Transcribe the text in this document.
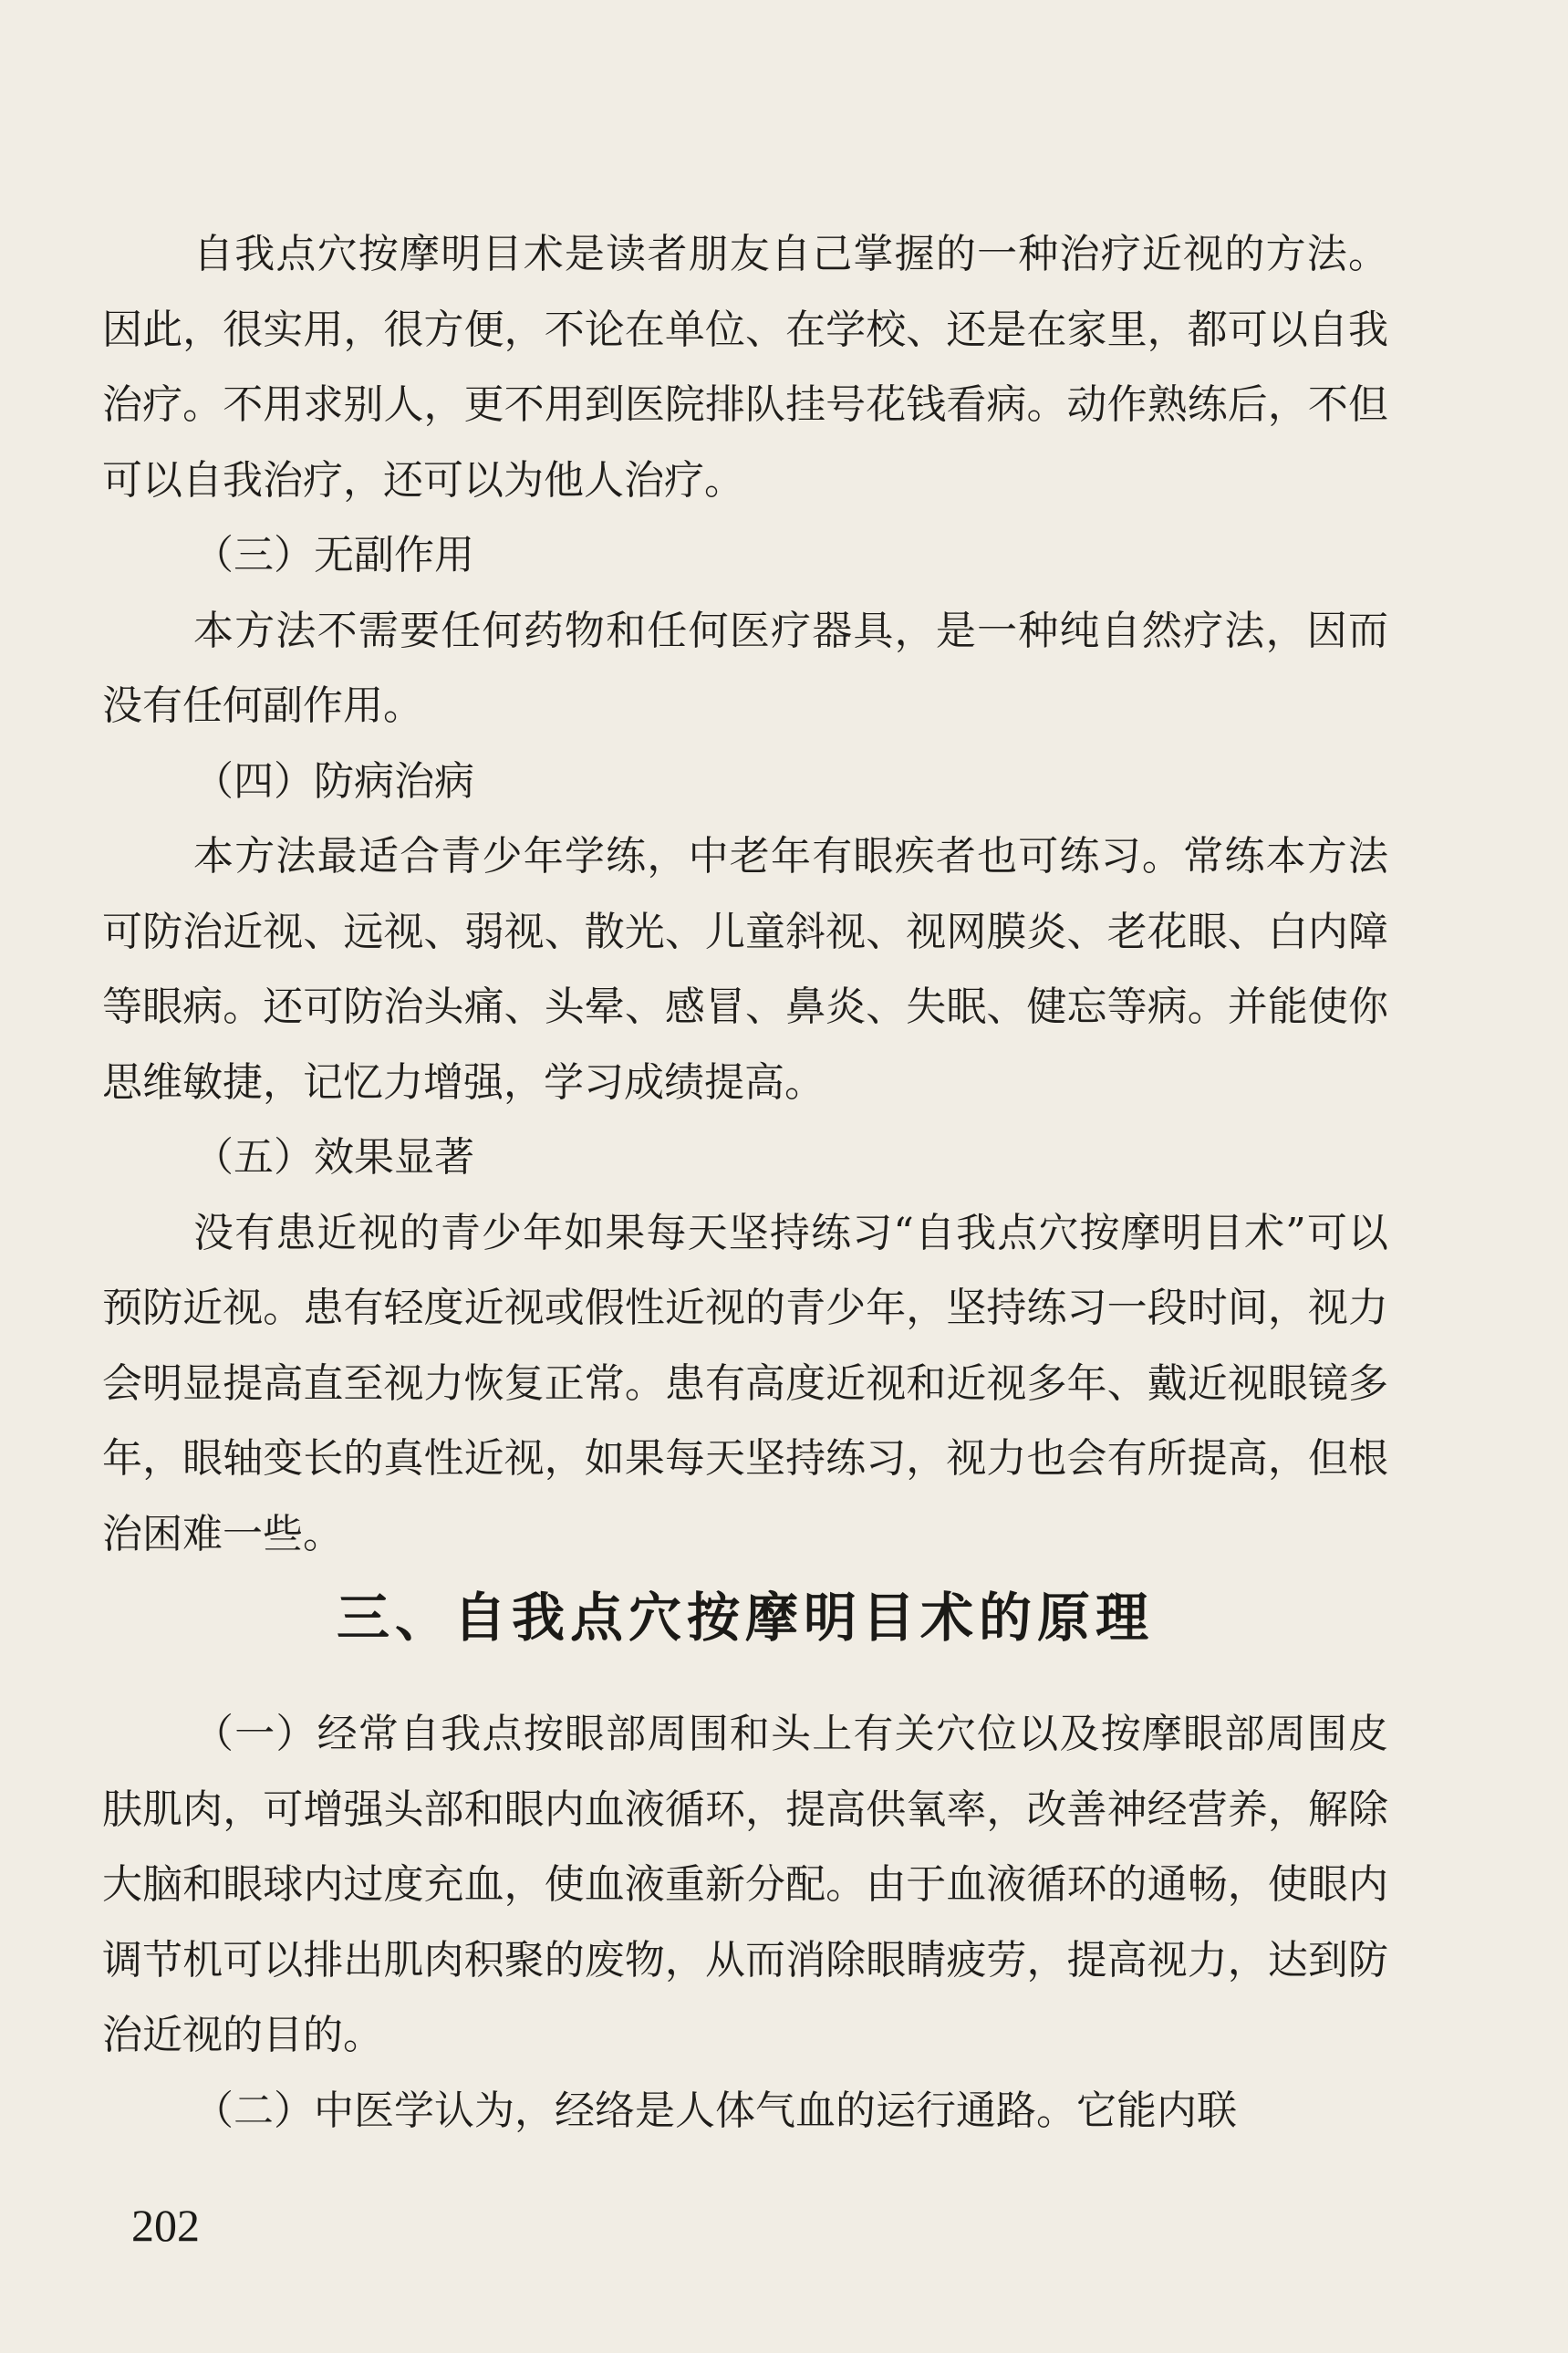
自我点穴按摩明目术是读者朋友自己掌握的一种治疗近视的方法。因此，很实用，很方便，不论在单位、在学校、还是在家里，都可以自我治疗。不用求别人，更不用到医院排队挂号花钱看病。动作熟练后，不但可以自我治疗，还可以为他人治疗。

（三）无副作用

本方法不需要任何药物和任何医疗器具，是一种纯自然疗法，因而没有任何副作用。

（四）防病治病

本方法最适合青少年学练，中老年有眼疾者也可练习。常练本方法可防治近视、远视、弱视、散光、儿童斜视、视网膜炎、老花眼、白内障等眼病。还可防治头痛、头晕、感冒、鼻炎、失眠、健忘等病。并能使你思维敏捷，记忆力增强，学习成绩提高。

（五）效果显著

没有患近视的青少年如果每天坚持练习“自我点穴按摩明目术”可以预防近视。患有轻度近视或假性近视的青少年，坚持练习一段时间，视力会明显提高直至视力恢复正常。患有高度近视和近视多年、戴近视眼镜多年，眼轴变长的真性近视，如果每天坚持练习，视力也会有所提高，但根治困难一些。

三、自我点穴按摩明目术的原理

（一）经常自我点按眼部周围和头上有关穴位以及按摩眼部周围皮肤肌肉，可增强头部和眼内血液循环，提高供氧率，改善神经营养，解除大脑和眼球内过度充血，使血液重新分配。由于血液循环的通畅，使眼内调节机可以排出肌肉积聚的废物，从而消除眼睛疲劳，提高视力，达到防治近视的目的。

（二）中医学认为，经络是人体气血的运行通路。它能内联

202
